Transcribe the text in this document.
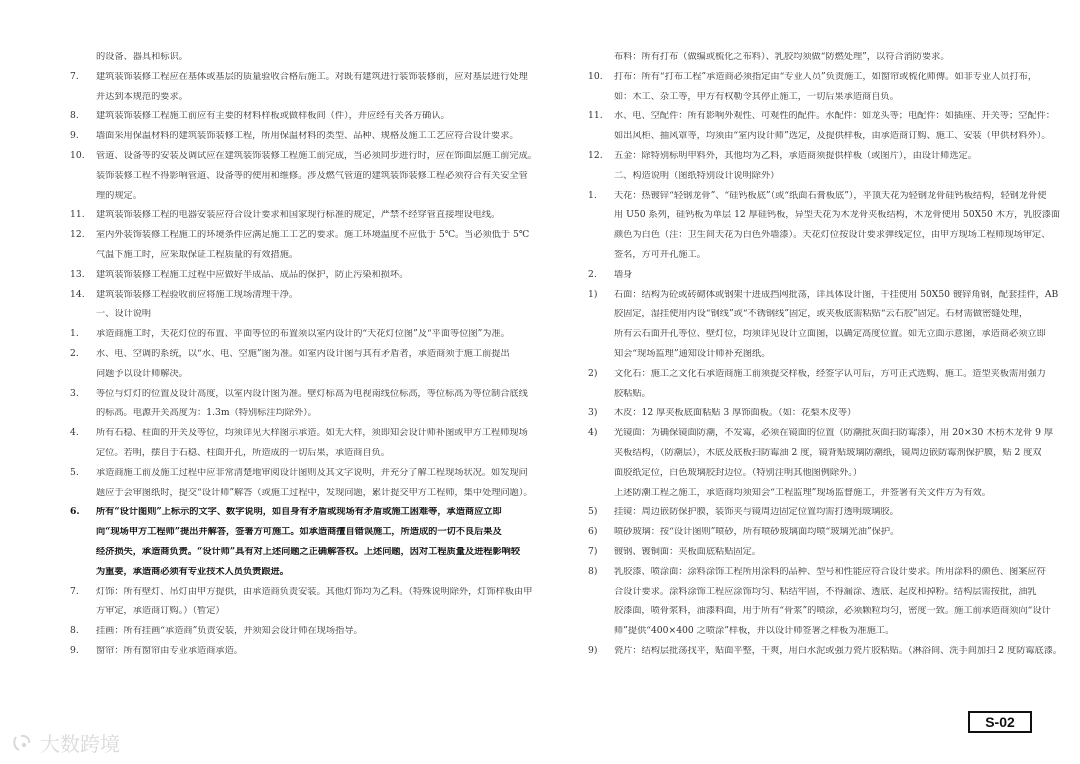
的设备、器具和标识。
7.	建筑装饰装修工程应在基体或基层的质量验收合格后施工。对既有建筑进行装饰装修前，应对基层进行处理
并达到本规范的要求。
8.	建筑装饰装修工程施工前应有主要的材料样板或做样板间（件），并应经有关各方确认。
9.	墙面采用保温材料的建筑装饰装修工程，所用保温材料的类型、品种、规格及施工工艺应符合设计要求。
10.	管道、设备等的安装及调试应在建筑装饰装修工程施工前完成，当必须同步进行时，应在饰面层施工前完成。
装饰装修工程不得影响管道、设备等的使用和维修。涉及燃气管道的建筑装饰装修工程必须符合有关安全管
理的规定。
11.	建筑装饰装修工程的电器安装应符合设计要求和国家现行标准的规定，严禁不经穿管直接埋设电线。
12.	室内外装饰装修工程施工的环境条件应满足施工工艺的要求。施工环境温度不应低于 5℃。当必须低于 5℃
气温下施工时，应采取保证工程质量的有效措施。
13.	建筑装饰装修工程施工过程中应做好半成品、成品的保护，防止污染和损坏。
14.	建筑装饰装修工程验收前应将施工现场清理干净。
一、设计说明
1.	承造商施工时，天花灯位的布置、平面等位的布置须以室内设计的“天花灯位图”及“平面等位图”为准。
2.	水、电、空调的系统，以“水、电、空施”图为准。如室内设计图与其有矛盾者，承造商须于施工前提出
问题予以设计师解决。
3.	等位与灯灯的位置及设计高度，以室内设计图为准。壁灯标高为电视南线位标高，等位标高为等位制合底线
的标高。电源开关高度为：1.3m（特别标注均除外）。
4.	所有石稳、柱面的开关及等位，均须详见大样图示承造。如无大样，须即知会设计师补图或甲方工程师现场
定位。若明，摆自于石稳、柱面开孔，所造成的一切后果，承造商自负。
5.	承造商施工前及施工过程中应非常清楚地审阅设计图则及其文字说明，并充分了解工程现场状况。如发现问
题应于会审图纸时，提交“设计师”解答（或施工过程中，发现问题，累计提交甲方工程师，集中处理问题）。
6.	所有“设计图则”上标示的文字、数字说明，如自身有矛盾或现场有矛盾或施工困难等，承造商应立即
向“现场甲方工程师”提出并解答，签署方可施工。如承造商擅自错误施工，所造成的一切不良后果及
经济损失，承造商负责。“设计师”具有对上述问题之正确解答权。上述问题，因对工程质量及进程影响较
为重要，承造商必须有专业技术人员负责跟进。
7.	灯饰：所有壁灯、吊灯由甲方提供，由承造商负责安装。其他灯饰均为乙料。（特殊说明除外，灯饰样板由甲
方审定，承造商订购。）（暂定）
8.	挂画：所有挂画“承造商”负责安装，并须知会设计师在现场指导。
9.	窗帘：所有窗帘由专业承造商承造。
布料：所有打布（做编或梳化之布料）、乳胶均须做“防燃处理”，以符合消防要求。
10.	打布：所有“打布工程”承造商必须指定由“专业人员”负责施工，如窗帘或梳化师傅。如非专业人员打布，
如：木工、杂工等，甲方有权勒令其停止施工，一切后果承造商自负。
11.	水、电、空配件：所有影响外观性、可观性的配件。水配件：如龙头等；电配件：如插座、开关等；空配件：
如出风柜、抽风罩等，均须由“室内设计师”选定，及提供样板，由承造商订购、施工、安装（甲供材料外）。
12.	五金：除特别标明甲料外，其他均为乙料，承造商须提供样板（或图片），由设计师选定。
二、构造说明（图纸特别设计说明除外）
1.	天花：热镀锌“轻钢龙骨”、“硅钙板底”（或“纸面石膏板底”），平顶天花为轻钢龙骨硅钙板结构，轻钢龙骨使
用 U50 系列，硅钙板为单层 12 厚硅钙板，异型天花为木龙骨夹板结构，木龙骨使用 50X50 木方，乳胶漆面
颜色为白色（注：卫生间天花为白色外墙漆）。天花灯位按设计要求弹线定位，由甲方现场工程师现场审定、
签名，方可开孔施工。
2.	墙身
1)	石面：结构为砼或砖砌体或钢架十进成挡网批荡，详具体设计图，干挂使用 50X50 镀锌角钢，配套挂件，AB
胶固定，湿挂使用内设“钢线”或“不锈钢线”固定，或夹板底需粘贴“云石胶”固定。石材需做密缝处理，
所有云石面开孔等位、壁灯位，均须详见设计立面图，以确定高度位置。如无立面示意图，承造商必须立即
知会“现场监理”通知设计师补充图纸。
2)	文化石：施工之文化石承造商施工前须提交样板，经签字认可后，方可正式选购、施工。造型夹板需用强力
胶粘贴。
3)	木皮：12 厚夹板底面粘贴 3 厚饰面板。（如：花梨木皮等）
4)	光镜面：为确保镜面防潮，不发霉，必须在镜面的位置（防潮批灰面扫防霉漆），用 20×30 木枋木龙骨 9 厚
夹板结构，（防潮层），木底及底板扫防霉油 2 度，镜背贴玻璃防潮纸，镜周边嵌防霉剂保护膜，贴 2 度双
面胶纸定位，白色玻璃胶封边位。（特别注明其他图例除外。）
上述防潮工程之施工，承造商均须知会“工程监理”现场监督施工，并签署有关文件方为有效。
5)	挂镜：周边嵌防保护膜，装饰夹与镜周边固定位置均需打透明玻璃胶。
6)	喷砂玻璃：按“设计图则”喷砂，所有喷砂玻璃面均喷“玻璃光油”保护。
7)	镀钢、镀铜面：夹板面底粘贴固定。
8)	乳胶漆、喷涂面：涂料涂饰工程所用涂料的品种、型号和性能应符合设计要求。所用涂料的颜色、图案应符
合设计要求。涂料涂饰工程应涂饰均匀、粘结牢固，不得漏涂、透底、起皮和掉粉。结构层需按批，油乳
胶漆面，喷骨浆料，油漆料面，用于所有“骨浆”的喷涂，必须颗粒均匀，密度一致。施工前承造商须向“设计
师”提供“400×400 之喷涂”样板，并以设计师签署之样板为准施工。
9)	瓷片：结构层批荡找平，贴面平整，干爽，用白水泥或强力瓷片胶粘贴。（淋浴间、洗手间加扫 2 度防霉底漆。
S-02
大数跨境
